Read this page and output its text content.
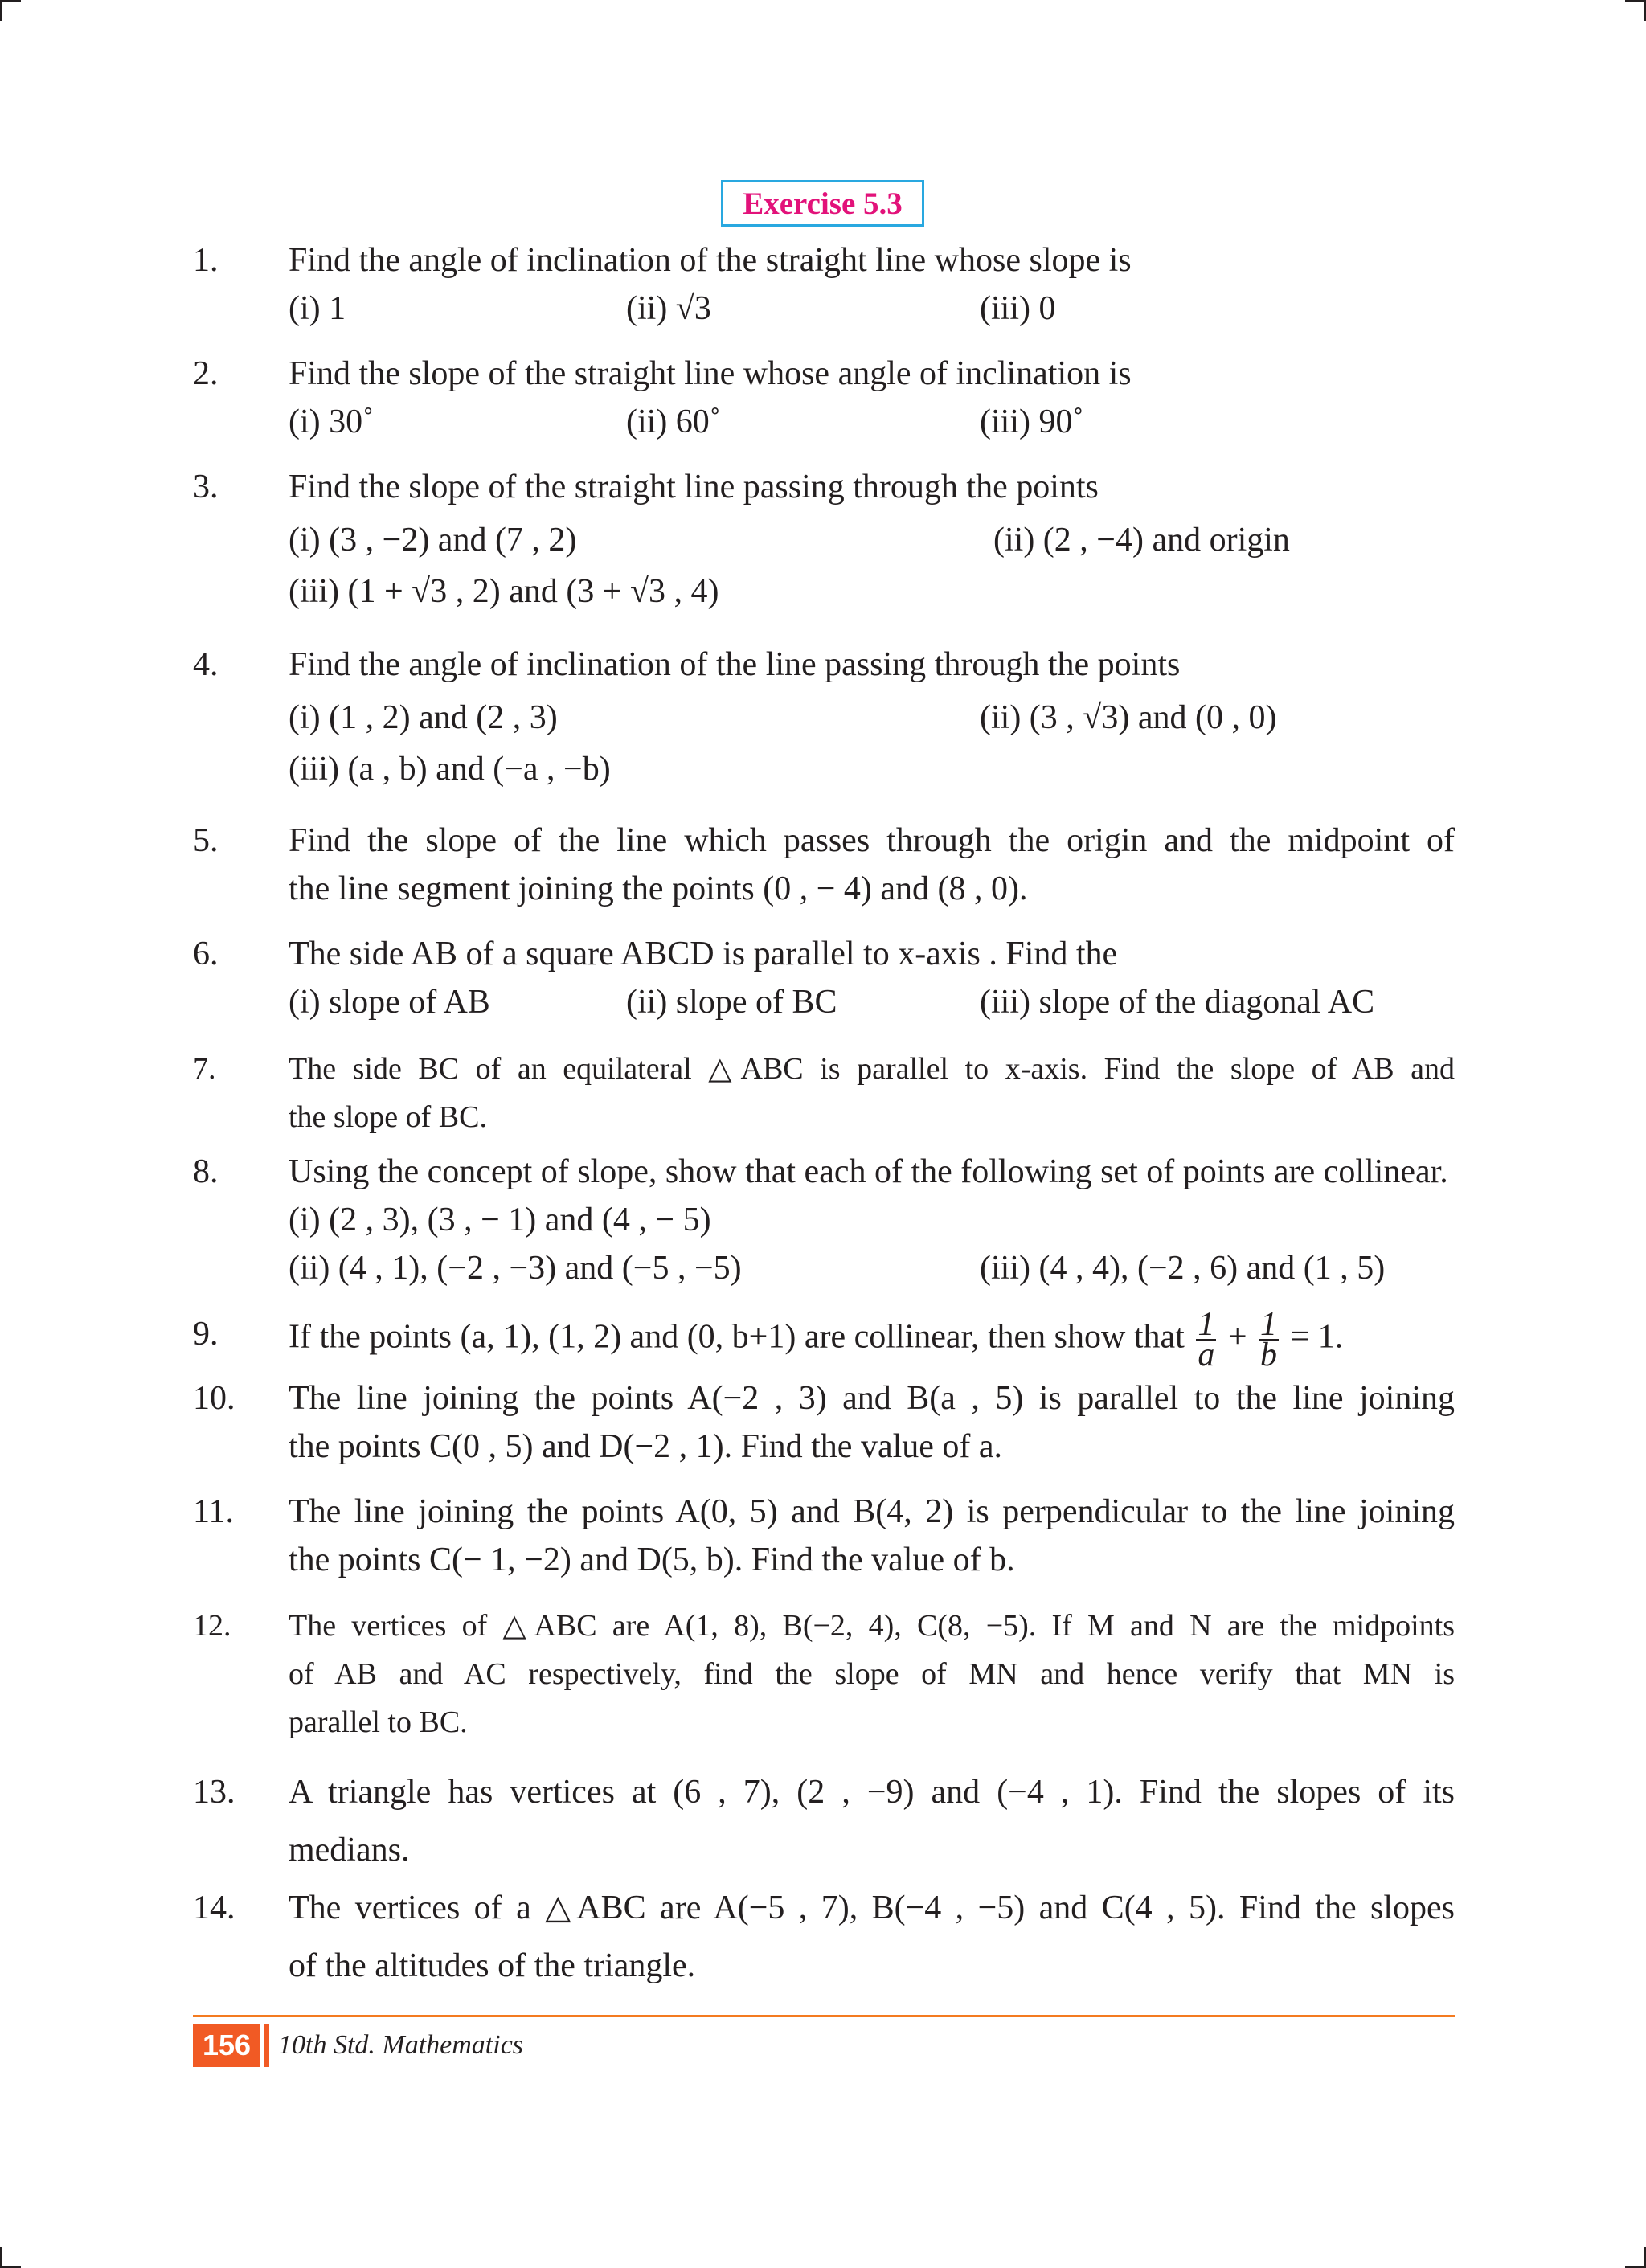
Exercise 5.3
1. Find the angle of inclination of the straight line whose slope is
(i) 1	(ii) √3	(iii) 0
2. Find the slope of the straight line whose angle of inclination is
(i) 30˚	(ii) 60˚	(iii) 90˚
3. Find the slope of the straight line passing through the points
(i) (3 , −2) and (7 , 2)	(ii) (2 , −4) and origin
(iii) (1 + √3 , 2) and (3 + √3 , 4)
4. Find the angle of inclination of the line passing through the points
(i) (1 , 2) and (2 , 3)	(ii) (3 , √3) and (0 , 0)
(iii) (a , b) and (−a , −b)
5. Find the slope of the line which passes through the origin and the midpoint of
the line segment joining the points (0 , − 4) and (8 , 0).
6. The side AB of a square ABCD is parallel to x-axis . Find the
(i) slope of AB	(ii) slope of BC	(iii) slope of the diagonal AC
7. The side BC of an equilateral △ABC is parallel to x-axis. Find the slope of AB and
the slope of BC.
8. Using the concept of slope, show that each of the following set of points are collinear.
(i) (2 , 3), (3 , − 1) and (4 , − 5)
(ii) (4 , 1), (−2 , −3) and (−5 , −5)	(iii) (4 , 4), (−2 , 6) and (1 , 5)
9. If the points (a, 1), (1, 2) and (0, b+1) are collinear, then show that $\frac{1}{a} + \frac{1}{b} = 1$.
10. The line joining the points A(−2 , 3) and B(a , 5) is parallel to the line joining
the points C(0 , 5) and D(−2 , 1). Find the value of a.
11. The line joining the points A(0, 5) and B(4, 2) is perpendicular to the line joining
the points C(− 1, −2) and D(5, b). Find the value of b.
12. The vertices of △ABC are A(1, 8), B(−2, 4), C(8, −5). If M and N are the midpoints
of AB and AC respectively, find the slope of MN and hence verify that MN is
parallel to BC.
13. A triangle has vertices at (6 , 7), (2 , −9) and (−4 , 1). Find the slopes of its
medians.
14. The vertices of a △ABC are A(−5 , 7), B(−4 , −5) and C(4 , 5). Find the slopes
of the altitudes of the triangle.
156 10th Std. Mathematics
